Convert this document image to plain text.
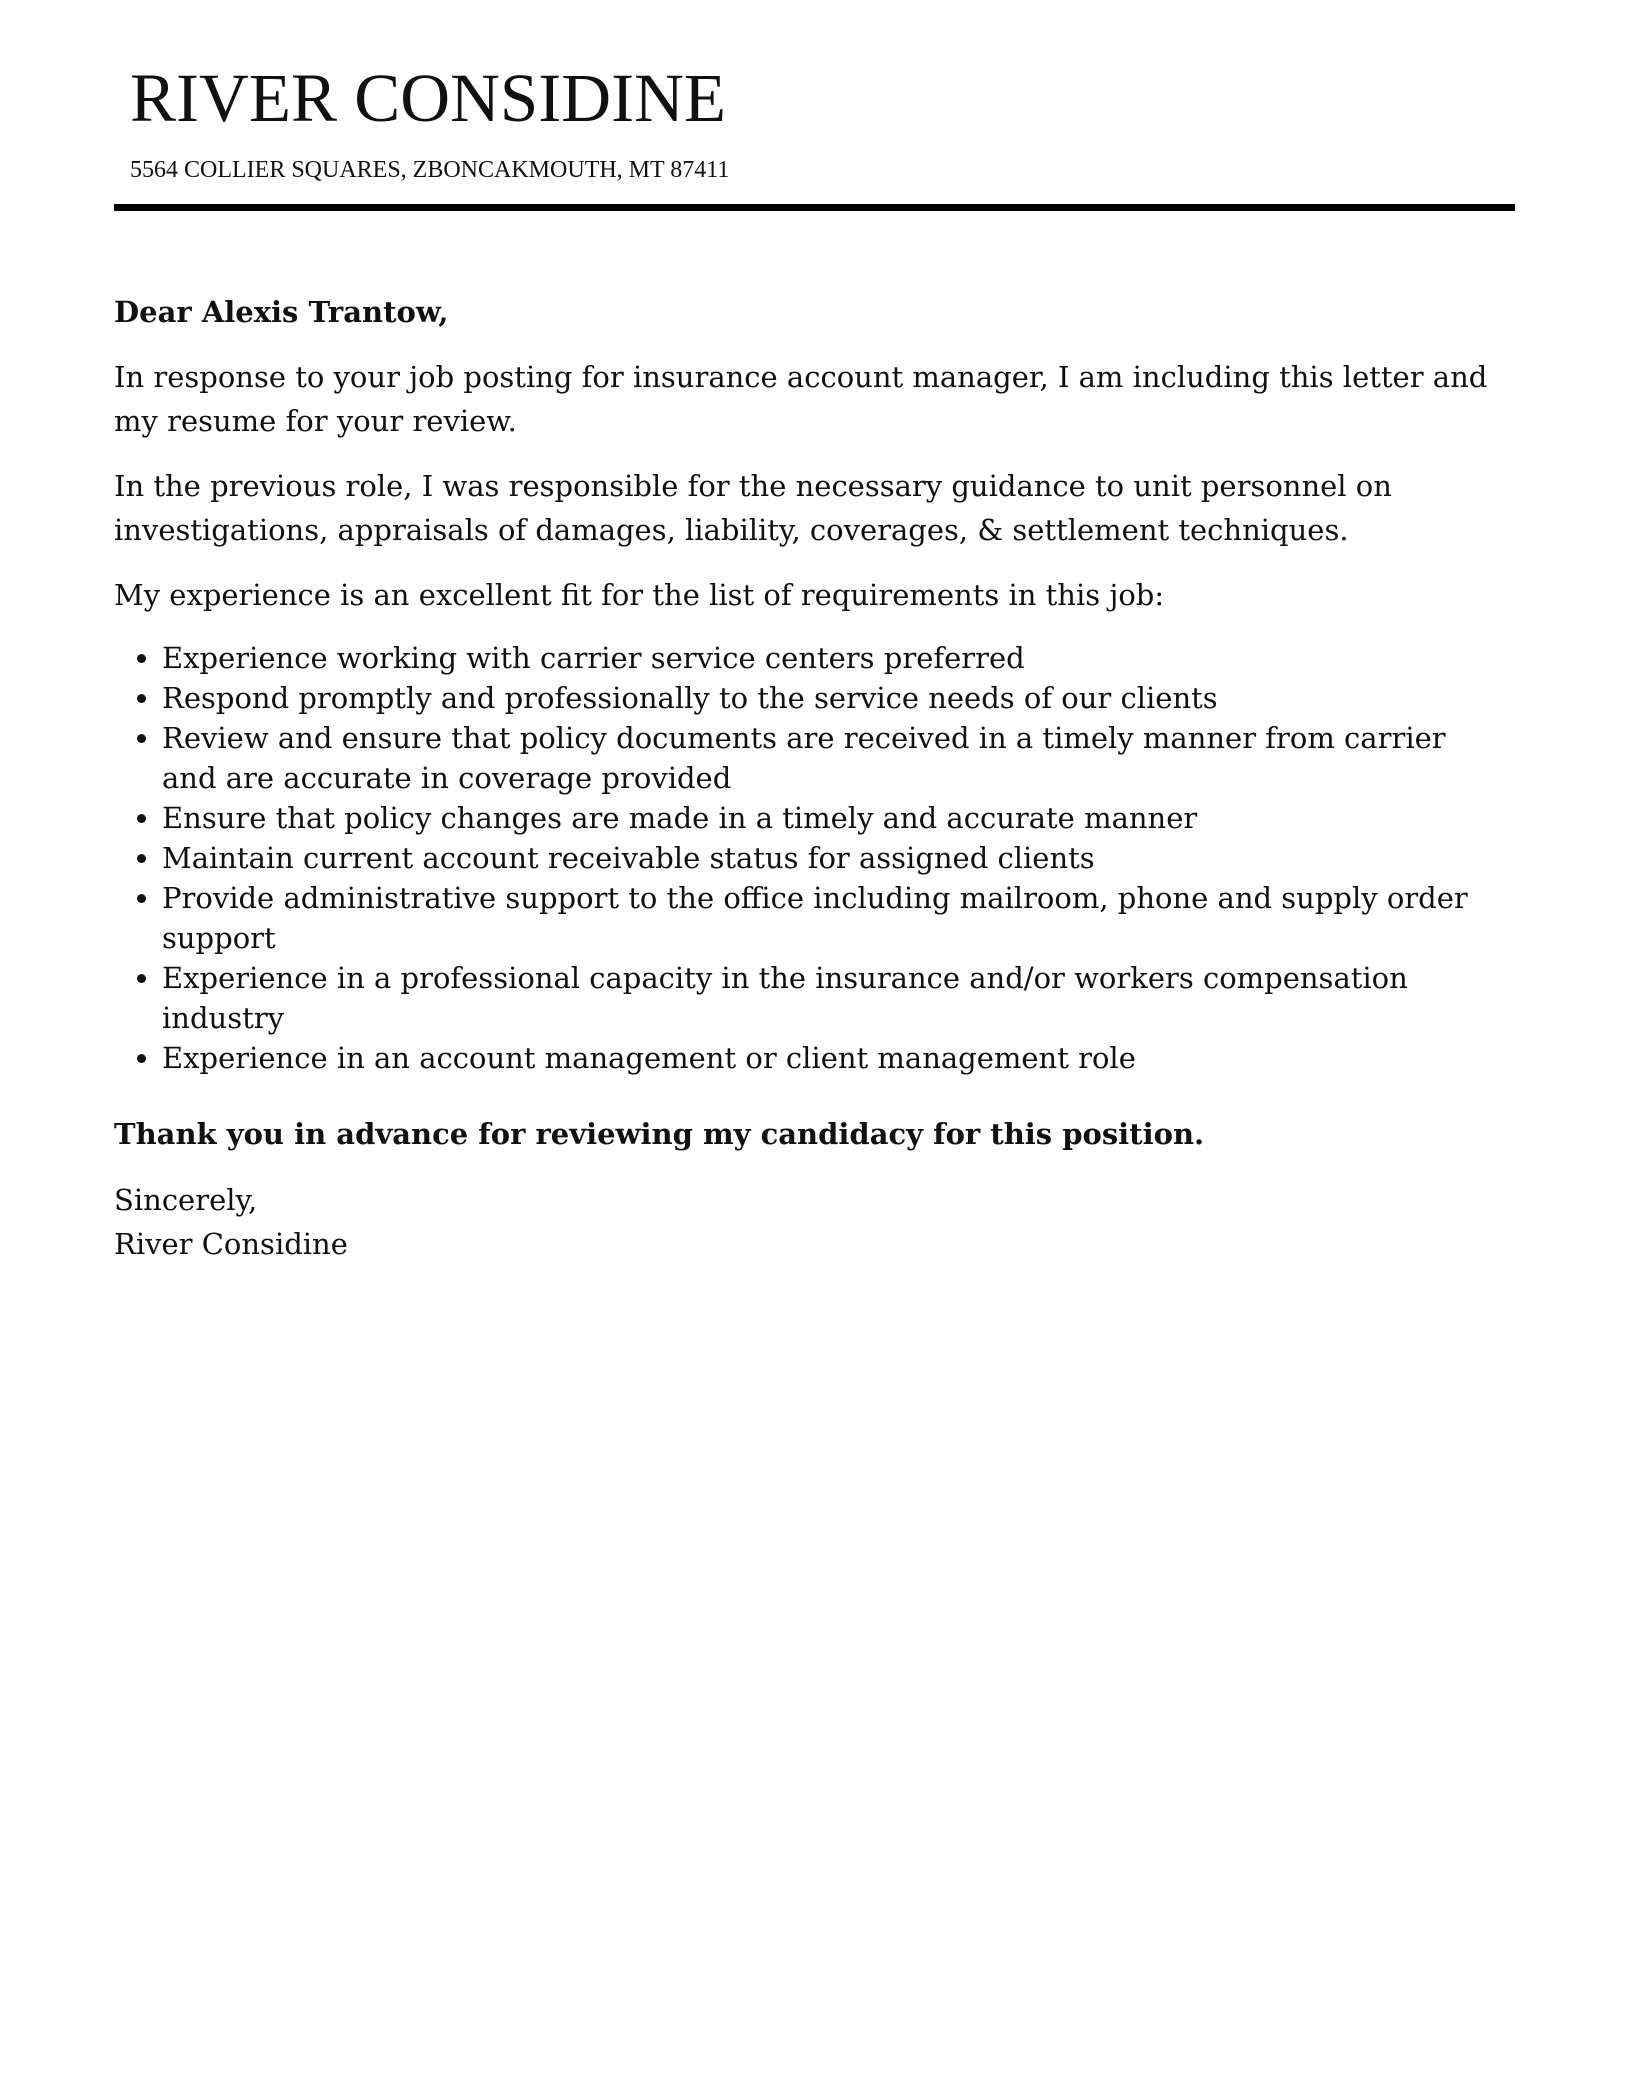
RIVER CONSIDINE
5564 COLLIER SQUARES, ZBONCAKMOUTH, MT 87411

Dear Alexis Trantow,

In response to your job posting for insurance account manager, I am including this letter and my resume for your review.

In the previous role, I was responsible for the necessary guidance to unit personnel on investigations, appraisals of damages, liability, coverages, & settlement techniques.

My experience is an excellent fit for the list of requirements in this job:

• Experience working with carrier service centers preferred
• Respond promptly and professionally to the service needs of our clients
• Review and ensure that policy documents are received in a timely manner from carrier and are accurate in coverage provided
• Ensure that policy changes are made in a timely and accurate manner
• Maintain current account receivable status for assigned clients
• Provide administrative support to the office including mailroom, phone and supply order support
• Experience in a professional capacity in the insurance and/or workers compensation industry
• Experience in an account management or client management role

Thank you in advance for reviewing my candidacy for this position.

Sincerely,

River Considine
